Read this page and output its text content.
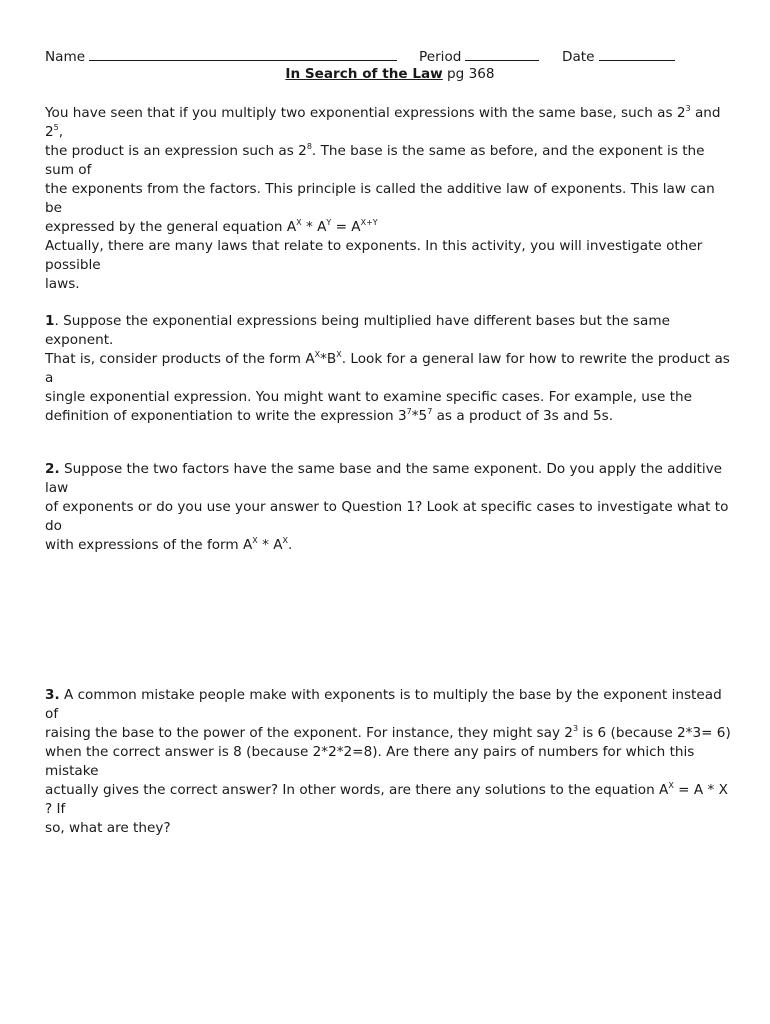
Name	Period	Date
In Search of the Law pg 368
You have seen that if you multiply two exponential expressions with the same base, such as $2^3$ and $2^5$,
the product is an expression such as $2^8$. The base is the same as before, and the exponent is the sum of
the exponents from the factors. This principle is called the additive law of exponents. This law can be
expressed by the general equation $A^X * A^Y = A^{X+Y}$
Actually, there are many laws that relate to exponents. In this activity, you will investigate other possible
laws.
1. Suppose the exponential expressions being multiplied have different bases but the same exponent.
That is, consider products of the form $A^X*B^X$. Look for a general law for how to rewrite the product as a
single exponential expression. You might want to examine specific cases. For example, use the
definition of exponentiation to write the expression $3^7*5^7$ as a product of 3s and 5s.
2. Suppose the two factors have the same base and the same exponent. Do you apply the additive law
of exponents or do you use your answer to Question 1? Look at specific cases to investigate what to do
with expressions of the form $A^X * A^X$.
3. A common mistake people make with exponents is to multiply the base by the exponent instead of
raising the base to the power of the exponent. For instance, they might say $2^3$ is 6 (because 2*3= 6)
when the correct answer is 8 (because 2*2*2=8). Are there any pairs of numbers for which this mistake
actually gives the correct answer? In other words, are there any solutions to the equation $A^X = A * X$ ? If
so, what are they?
